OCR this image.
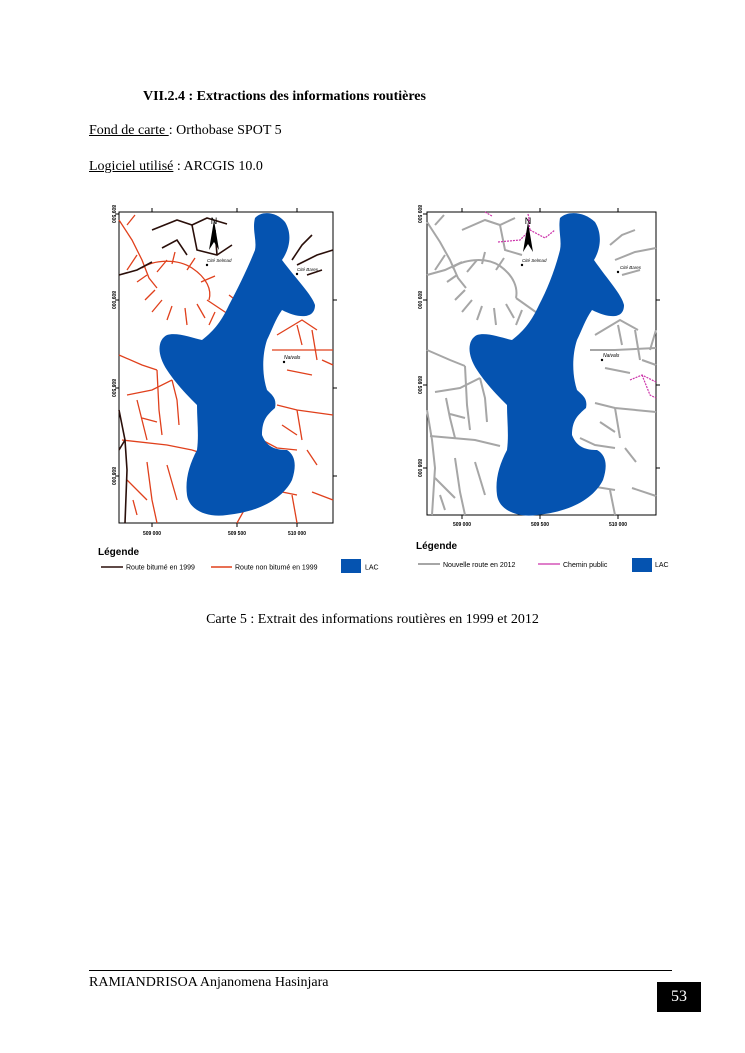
VII.2.4 : Extractions des informations routières
Fond de carte : Orthobase SPOT 5
Logiciel utilisé : ARCGIS 10.0
N
Cité Selmad
Cité Bares
Naivals
509 000	509 500	510 000
809 500
809 000
808 500
808 000
Légende
Route bitumé en 1999	Route non bitumé en 1999	LAC
N
Cité Selmad
Cité Bares
Naivals
509 000	509 500	510 000
809 500
809 000
808 500
808 000
Légende
Nouvelle route en 2012	Chemin public	LAC
Carte 5 : Extrait des informations routières en 1999 et 2012
RAMIANDRISOA Anjanomena Hasinjara
53
